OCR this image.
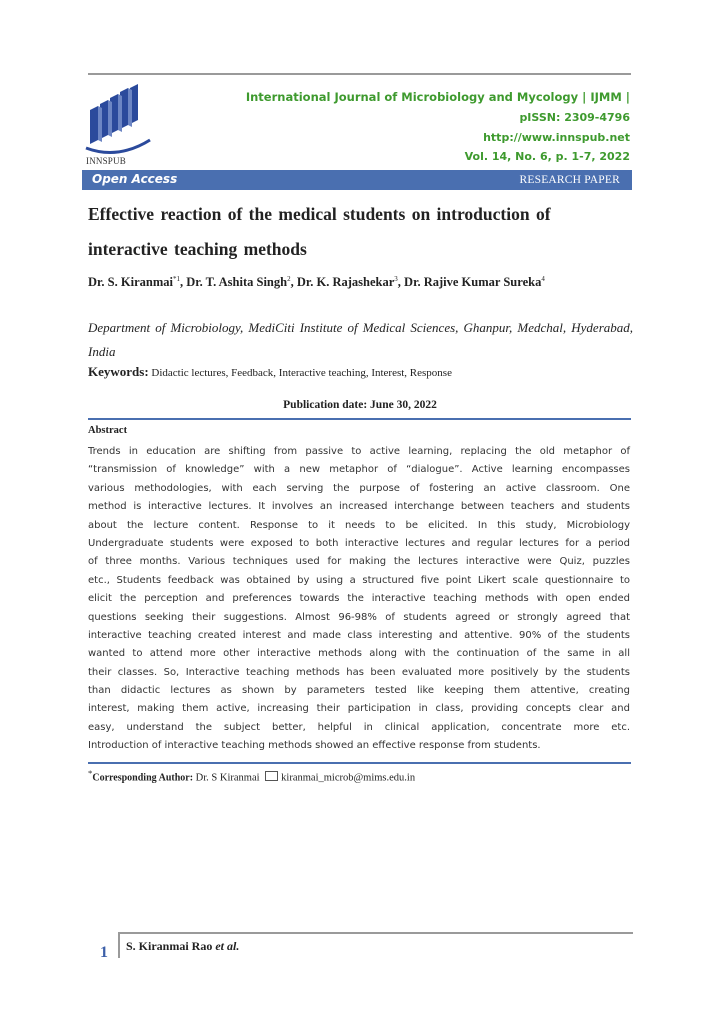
INNSPUB
International Journal of Microbiology and Mycology | IJMM |
pISSN: 2309-4796
http://www.innspub.net
Vol. 14, No. 6, p. 1-7, 2022
Open Access	RESEARCH PAPER
Effective reaction of the medical students on introduction of
interactive teaching methods
Dr. S. Kiranmai$^{*1}$, Dr. T. Ashita Singh$^2$, Dr. K. Rajashekar$^3$, Dr. Rajive Kumar Sureka$^4$
Department of Microbiology, MediCiti Institute of Medical Sciences, Ghanpur, Medchal, Hyderabad, India
Keywords: Didactic lectures, Feedback, Interactive teaching, Interest, Response
Publication date: June 30, 2022
Abstract
Trends in education are shifting from passive to active learning, replacing the old metaphor of
“transmission of knowledge” with a new metaphor of “dialogue”. Active learning encompasses
various methodologies, with each serving the purpose of fostering an active classroom. One
method is interactive lectures. It involves an increased interchange between teachers and students
about the lecture content. Response to it needs to be elicited. In this study, Microbiology
Undergraduate students were exposed to both interactive lectures and regular lectures for a period
of three months. Various techniques used for making the lectures interactive were Quiz, puzzles
etc., Students feedback was obtained by using a structured five point Likert scale questionnaire to
elicit the perception and preferences towards the interactive teaching methods with open ended
questions seeking their suggestions. Almost 96-98% of students agreed or strongly agreed that
interactive teaching created interest and made class interesting and attentive. 90% of the students
wanted to attend more other interactive methods along with the continuation of the same in all
their classes. So, Interactive teaching methods has been evaluated more positively by the students
than didactic lectures as shown by parameters tested like keeping them attentive, creating
interest, making them active, increasing their participation in class, providing concepts clear and
easy, understand the subject better, helpful in clinical application, concentrate more etc.
Introduction of interactive teaching methods showed an effective response from students.
*Corresponding Author: Dr. S Kiranmai kiranmai_microb@mims.edu.in
1 S. Kiranmai Rao et al.
